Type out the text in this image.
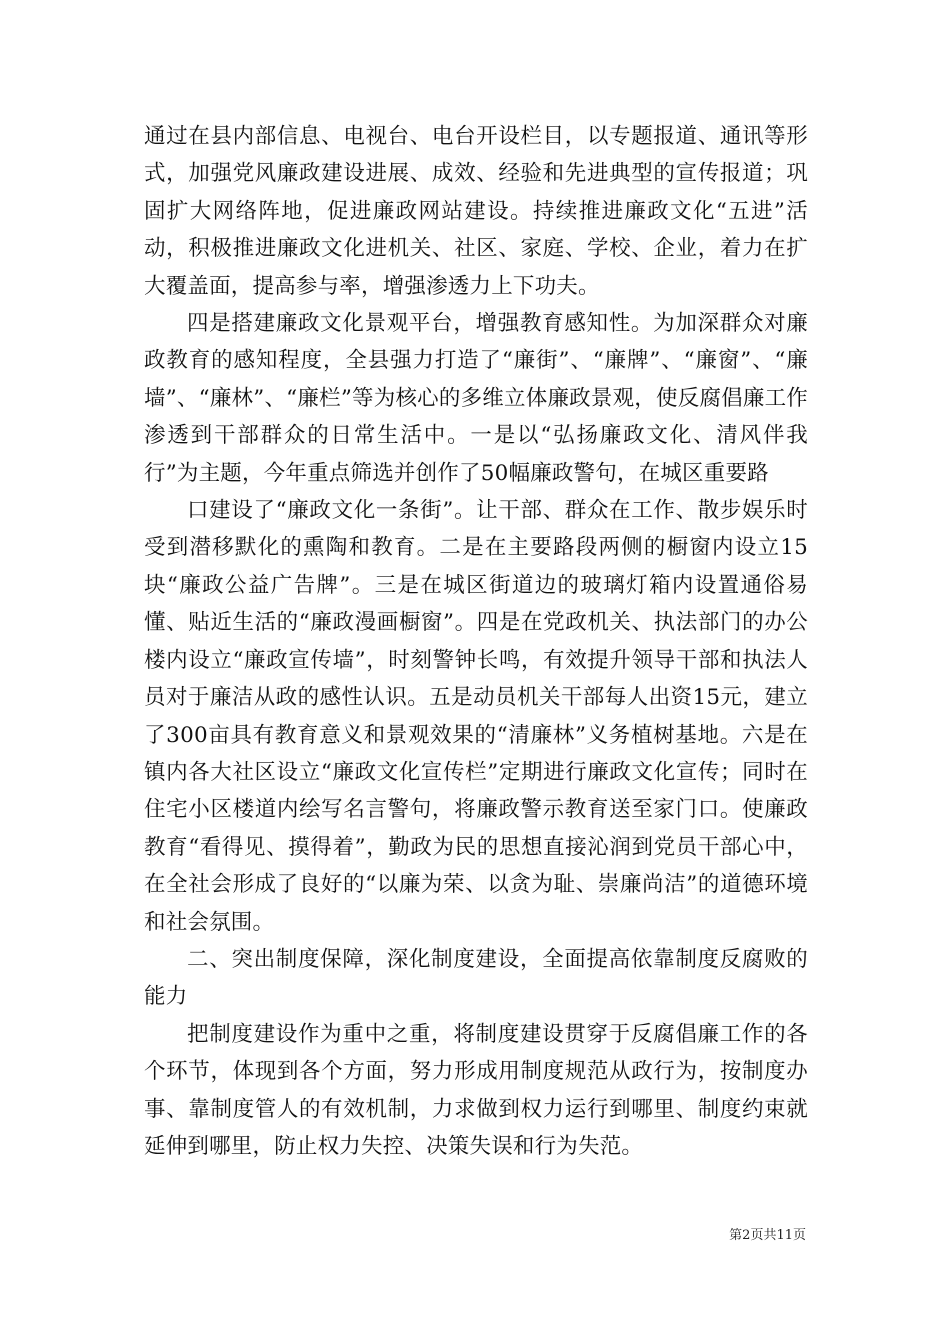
通过在县内部信息、电视台、电台开设栏目，以专题报道、通讯等形式，加强党风廉政建设进展、成效、经验和先进典型的宣传报道；巩固扩大网络阵地，促进廉政网站建设。持续推进廉政文化“五进”活动，积极推进廉政文化进机关、社区、家庭、学校、企业，着力在扩大覆盖面，提高参与率，增强渗透力上下功夫。

四是搭建廉政文化景观平台，增强教育感知性。为加深群众对廉政教育的感知程度，全县强力打造了“廉街”、“廉牌”、“廉窗”、“廉墙”、“廉林”、“廉栏”等为核心的多维立体廉政景观，使反腐倡廉工作渗透到干部群众的日常生活中。一是以“弘扬廉政文化、清风伴我行”为主题，今年重点筛选并创作了50幅廉政警句，在城区重要路

口建设了“廉政文化一条街”。让干部、群众在工作、散步娱乐时受到潜移默化的熏陶和教育。二是在主要路段两侧的橱窗内设立15块“廉政公益广告牌”。三是在城区街道边的玻璃灯箱内设置通俗易懂、贴近生活的“廉政漫画橱窗”。四是在党政机关、执法部门的办公楼内设立“廉政宣传墙”，时刻警钟长鸣，有效提升领导干部和执法人员对于廉洁从政的感性认识。五是动员机关干部每人出资15元，建立了300亩具有教育意义和景观效果的“清廉林”义务植树基地。六是在镇内各大社区设立“廉政文化宣传栏”定期进行廉政文化宣传；同时在住宅小区楼道内绘写名言警句，将廉政警示教育送至家门口。使廉政教育“看得见、摸得着”，勤政为民的思想直接沁润到党员干部心中，在全社会形成了良好的“以廉为荣、以贪为耻、崇廉尚洁”的道德环境和社会氛围。

二、突出制度保障，深化制度建设，全面提高依靠制度反腐败的能力

把制度建设作为重中之重，将制度建设贯穿于反腐倡廉工作的各个环节，体现到各个方面，努力形成用制度规范从政行为，按制度办事、靠制度管人的有效机制，力求做到权力运行到哪里、制度约束就延伸到哪里，防止权力失控、决策失误和行为失范。

第2页共11页
